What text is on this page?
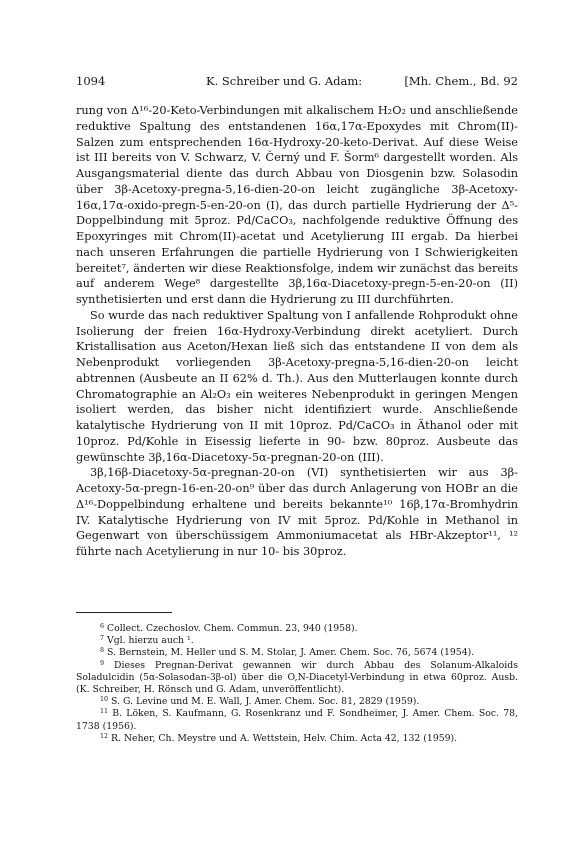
1094	K. Schreiber und G. Adam:	[Mh. Chem., Bd. 92

rung von Δ¹⁶-20-Keto-Verbindungen mit alkalischem H₂O₂ und anschließende reduktive Spaltung des entstandenen 16α,17α-Epoxydes mit Chrom(II)-Salzen zum entsprechenden 16α-Hydroxy-20-keto-Derivat. Auf diese Weise ist III bereits von V. Schwarz, V. Černý und F. Šorm⁶ dargestellt worden. Als Ausgangsmaterial diente das durch Abbau von Diosgenin bzw. Solasodin über 3β-Acetoxy-pregna-5,16-dien-20-on leicht zugängliche 3β-Acetoxy-16α,17α-oxido-pregn-5-en-20-on (I), das durch partielle Hydrierung der Δ⁵-Doppelbindung mit 5proz. Pd/CaCO₃, nachfolgende reduktive Öffnung des Epoxyringes mit Chrom(II)-acetat und Acetylierung III ergab. Da hierbei nach unseren Erfahrungen die partielle Hydrierung von I Schwierigkeiten bereitet⁷, änderten wir diese Reaktionsfolge, indem wir zunächst das bereits auf anderem Wege⁸ dargestellte 3β,16α-Diacetoxy-pregn-5-en-20-on (II) synthetisierten und erst dann die Hydrierung zu III durchführten.

So wurde das nach reduktiver Spaltung von I anfallende Rohprodukt ohne Isolierung der freien 16α-Hydroxy-Verbindung direkt acetyliert. Durch Kristallisation aus Aceton/Hexan ließ sich das entstandene II von dem als Nebenprodukt vorliegenden 3β-Acetoxy-pregna-5,16-dien-20-on leicht abtrennen (Ausbeute an II 62% d. Th.). Aus den Mutterlaugen konnte durch Chromatographie an Al₂O₃ ein weiteres Nebenprodukt in geringen Mengen isoliert werden, das bisher nicht identifiziert wurde. Anschließende katalytische Hydrierung von II mit 10proz. Pd/CaCO₃ in Äthanol oder mit 10proz. Pd/Kohle in Eisessig lieferte in 90- bzw. 80proz. Ausbeute das gewünschte 3β,16α-Diacetoxy-5α-pregnan-20-on (III).

3β,16β-Diacetoxy-5α-pregnan-20-on (VI) synthetisierten wir aus 3β-Acetoxy-5α-pregn-16-en-20-on⁹ über das durch Anlagerung von HOBr an die Δ¹⁶-Doppelbindung erhaltene und bereits bekannte¹⁰ 16β,17α-Bromhydrin IV. Katalytische Hydrierung von IV mit 5proz. Pd/Kohle in Methanol in Gegenwart von überschüssigem Ammoniumacetat als HBr-Akzeptor¹¹, ¹² führte nach Acetylierung in nur 10- bis 30proz.

$^6$ Collect. Czechoslov. Chem. Commun. 23, 940 (1958).

$^7$ Vgl. hierzu auch ¹.

$^8$ S. Bernstein, M. Heller und S. M. Stolar, J. Amer. Chem. Soc. 76, 5674 (1954).

$^9$ Dieses Pregnan-Derivat gewannen wir durch Abbau des Solanum-Alkaloids Soladulcidin (5α-Solasodan-3β-ol) über die O,N-Diacetyl-Verbindung in etwa 60proz. Ausb. (K. Schreiber, H. Rönsch und G. Adam, unveröffentlicht).

$^{10}$ S. G. Levine und M. E. Wall, J. Amer. Chem. Soc. 81, 2829 (1959).

$^{11}$ B. Löken, S. Kaufmann, G. Rosenkranz und F. Sondheimer, J. Amer. Chem. Soc. 78, 1738 (1956).

$^{12}$ R. Neher, Ch. Meystre und A. Wettstein, Helv. Chim. Acta 42, 132 (1959).
